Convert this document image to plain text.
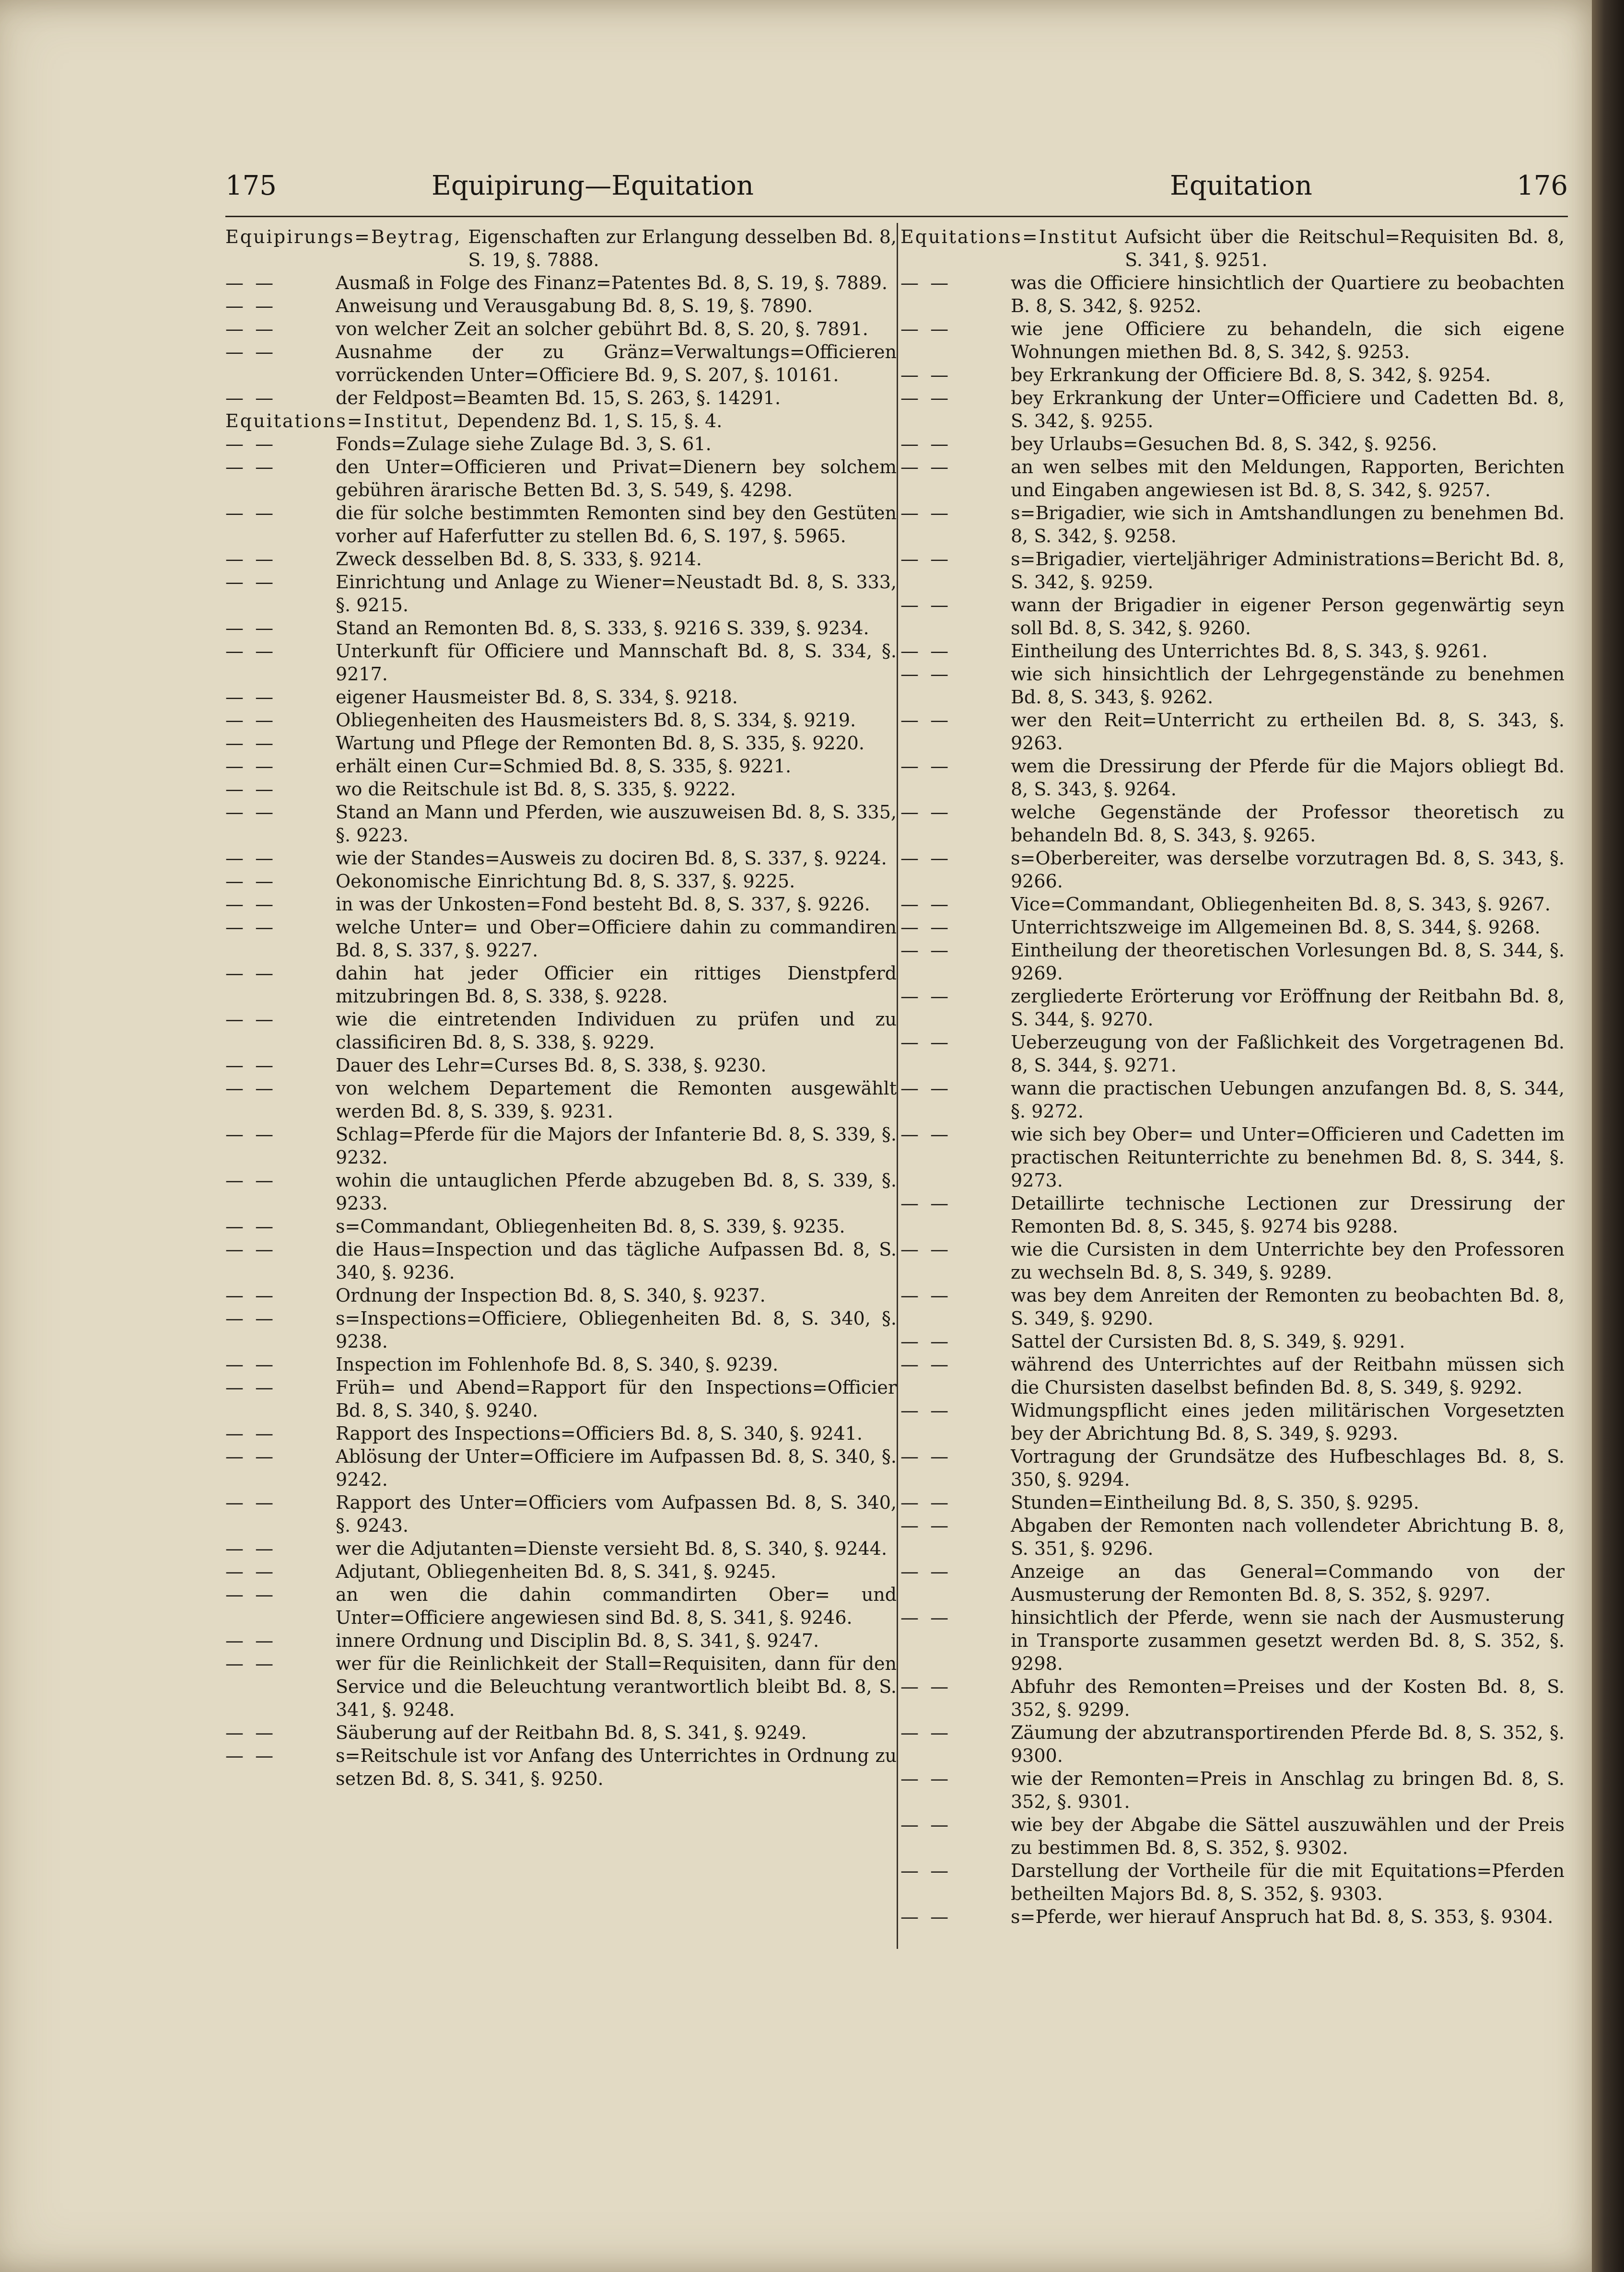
175	Equipirung—Equitation	Equitation	176
Equipirungs=Beytrag, Eigenschaften zur Erlangung desselben Bd. 8, S. 19, §. 7888.
— —	Ausmaß in Folge des Finanz=Patentes Bd. 8, S. 19, §. 7889.
— —	Anweisung und Verausgabung Bd. 8, S. 19, §. 7890.
— —	von welcher Zeit an solcher gebührt Bd. 8, S. 20, §. 7891.
— —	Ausnahme der zu Gränz=Verwaltungs=Officieren vorrückenden Unter=Officiere Bd. 9, S. 207, §. 10161.
— —	der Feldpost=Beamten Bd. 15, S. 263, §. 14291.
Equitations=Institut, Dependenz Bd. 1, S. 15, §. 4.
— —	Fonds=Zulage siehe Zulage Bd. 3, S. 61.
— —	den Unter=Officieren und Privat=Dienern bey solchem gebühren ärarische Betten Bd. 3, S. 549, §. 4298.
— —	die für solche bestimmten Remonten sind bey den Gestüten vorher auf Haferfutter zu stellen Bd. 6, S. 197, §. 5965.
— —	Zweck desselben Bd. 8, S. 333, §. 9214.
— —	Einrichtung und Anlage zu Wiener=Neustadt Bd. 8, S. 333, §. 9215.
— —	Stand an Remonten Bd. 8, S. 333, §. 9216 S. 339, §. 9234.
— —	Unterkunft für Officiere und Mannschaft Bd. 8, S. 334, §. 9217.
— —	eigener Hausmeister Bd. 8, S. 334, §. 9218.
— —	Obliegenheiten des Hausmeisters Bd. 8, S. 334, §. 9219.
— —	Wartung und Pflege der Remonten Bd. 8, S. 335, §. 9220.
— —	erhält einen Cur=Schmied Bd. 8, S. 335, §. 9221.
— —	wo die Reitschule ist Bd. 8, S. 335, §. 9222.
— —	Stand an Mann und Pferden, wie auszuweisen Bd. 8, S. 335, §. 9223.
— —	wie der Standes=Ausweis zu dociren Bd. 8, S. 337, §. 9224.
— —	Oekonomische Einrichtung Bd. 8, S. 337, §. 9225.
— —	in was der Unkosten=Fond besteht Bd. 8, S. 337, §. 9226.
— —	welche Unter= und Ober=Officiere dahin zu commandiren Bd. 8, S. 337, §. 9227.
— —	dahin hat jeder Officier ein rittiges Dienstpferd mitzubringen Bd. 8, S. 338, §. 9228.
— —	wie die eintretenden Individuen zu prüfen und zu classificiren Bd. 8, S. 338, §. 9229.
— —	Dauer des Lehr=Curses Bd. 8, S. 338, §. 9230.
— —	von welchem Departement die Remonten ausgewählt werden Bd. 8, S. 339, §. 9231.
— —	Schlag=Pferde für die Majors der Infanterie Bd. 8, S. 339, §. 9232.
— —	wohin die untauglichen Pferde abzugeben Bd. 8, S. 339, §. 9233.
— —	s=Commandant, Obliegenheiten Bd. 8, S. 339, §. 9235.
— —	die Haus=Inspection und das tägliche Aufpassen Bd. 8, S. 340, §. 9236.
— —	Ordnung der Inspection Bd. 8, S. 340, §. 9237.
— —	s=Inspections=Officiere, Obliegenheiten Bd. 8, S. 340, §. 9238.
— —	Inspection im Fohlenhofe Bd. 8, S. 340, §. 9239.
— —	Früh= und Abend=Rapport für den Inspections=Officier Bd. 8, S. 340, §. 9240.
— —	Rapport des Inspections=Officiers Bd. 8, S. 340, §. 9241.
— —	Ablösung der Unter=Officiere im Aufpassen Bd. 8, S. 340, §. 9242.
— —	Rapport des Unter=Officiers vom Aufpassen Bd. 8, S. 340, §. 9243.
— —	wer die Adjutanten=Dienste versieht Bd. 8, S. 340, §. 9244.
— —	Adjutant, Obliegenheiten Bd. 8, S. 341, §. 9245.
— —	an wen die dahin commandirten Ober= und Unter=Officiere angewiesen sind Bd. 8, S. 341, §. 9246.
— —	innere Ordnung und Disciplin Bd. 8, S. 341, §. 9247.
— —	wer für die Reinlichkeit der Stall=Requisiten, dann für den Service und die Beleuchtung verantwortlich bleibt Bd. 8, S. 341, §. 9248.
— —	Säuberung auf der Reitbahn Bd. 8, S. 341, §. 9249.
— —	s=Reitschule ist vor Anfang des Unterrichtes in Ordnung zu setzen Bd. 8, S. 341, §. 9250.
Equitations=Institut Aufsicht über die Reitschul=Requisiten Bd. 8, S. 341, §. 9251.
— —	was die Officiere hinsichtlich der Quartiere zu beobachten B. 8, S. 342, §. 9252.
— —	wie jene Officiere zu behandeln, die sich eigene Wohnungen miethen Bd. 8, S. 342, §. 9253.
— —	bey Erkrankung der Officiere Bd. 8, S. 342, §. 9254.
— —	bey Erkrankung der Unter=Officiere und Cadetten Bd. 8, S. 342, §. 9255.
— —	bey Urlaubs=Gesuchen Bd. 8, S. 342, §. 9256.
— —	an wen selbes mit den Meldungen, Rapporten, Berichten und Eingaben angewiesen ist Bd. 8, S. 342, §. 9257.
— —	s=Brigadier, wie sich in Amtshandlungen zu benehmen Bd. 8, S. 342, §. 9258.
— —	s=Brigadier, vierteljähriger Administrations=Bericht Bd. 8, S. 342, §. 9259.
— —	wann der Brigadier in eigener Person gegenwärtig seyn soll Bd. 8, S. 342, §. 9260.
— —	Eintheilung des Unterrichtes Bd. 8, S. 343, §. 9261.
— —	wie sich hinsichtlich der Lehrgegenstände zu benehmen Bd. 8, S. 343, §. 9262.
— —	wer den Reit=Unterricht zu ertheilen Bd. 8, S. 343, §. 9263.
— —	wem die Dressirung der Pferde für die Majors obliegt Bd. 8, S. 343, §. 9264.
— —	welche Gegenstände der Professor theoretisch zu behandeln Bd. 8, S. 343, §. 9265.
— —	s=Oberbereiter, was derselbe vorzutragen Bd. 8, S. 343, §. 9266.
— —	Vice=Commandant, Obliegenheiten Bd. 8, S. 343, §. 9267.
— —	Unterrichtszweige im Allgemeinen Bd. 8, S. 344, §. 9268.
— —	Eintheilung der theoretischen Vorlesungen Bd. 8, S. 344, §. 9269.
— —	zergliederte Erörterung vor Eröffnung der Reitbahn Bd. 8, S. 344, §. 9270.
— —	Ueberzeugung von der Faßlichkeit des Vorgetragenen Bd. 8, S. 344, §. 9271.
— —	wann die practischen Uebungen anzufangen Bd. 8, S. 344, §. 9272.
— —	wie sich bey Ober= und Unter=Officieren und Cadetten im practischen Reitunterrichte zu benehmen Bd. 8, S. 344, §. 9273.
— —	Detaillirte technische Lectionen zur Dressirung der Remonten Bd. 8, S. 345, §. 9274 bis 9288.
— —	wie die Cursisten in dem Unterrichte bey den Professoren zu wechseln Bd. 8, S. 349, §. 9289.
— —	was bey dem Anreiten der Remonten zu beobachten Bd. 8, S. 349, §. 9290.
— —	Sattel der Cursisten Bd. 8, S. 349, §. 9291.
— —	während des Unterrichtes auf der Reitbahn müssen sich die Chursisten daselbst befinden Bd. 8, S. 349, §. 9292.
— —	Widmungspflicht eines jeden militärischen Vorgesetzten bey der Abrichtung Bd. 8, S. 349, §. 9293.
— —	Vortragung der Grundsätze des Hufbeschlages Bd. 8, S. 350, §. 9294.
— —	Stunden=Eintheilung Bd. 8, S. 350, §. 9295.
— —	Abgaben der Remonten nach vollendeter Abrichtung B. 8, S. 351, §. 9296.
— —	Anzeige an das General=Commando von der Ausmusterung der Remonten Bd. 8, S. 352, §. 9297.
— —	hinsichtlich der Pferde, wenn sie nach der Ausmusterung in Transporte zusammen gesetzt werden Bd. 8, S. 352, §. 9298.
— —	Abfuhr des Remonten=Preises und der Kosten Bd. 8, S. 352, §. 9299.
— —	Zäumung der abzutransportirenden Pferde Bd. 8, S. 352, §. 9300.
— —	wie der Remonten=Preis in Anschlag zu bringen Bd. 8, S. 352, §. 9301.
— —	wie bey der Abgabe die Sättel auszuwählen und der Preis zu bestimmen Bd. 8, S. 352, §. 9302.
— —	Darstellung der Vortheile für die mit Equitations=Pferden betheilten Majors Bd. 8, S. 352, §. 9303.
— —	s=Pferde, wer hierauf Anspruch hat Bd. 8, S. 353, §. 9304.
